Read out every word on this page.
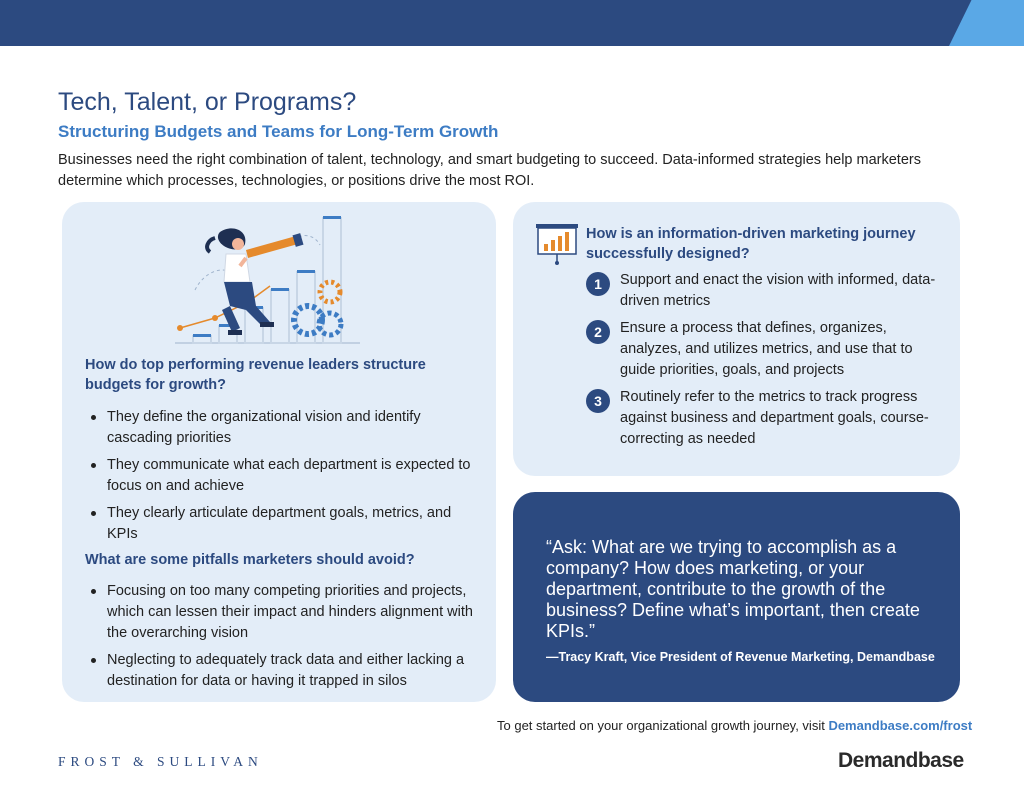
Tech, Talent, or Programs?
Structuring Budgets and Teams for Long-Term Growth

Businesses need the right combination of talent, technology, and smart budgeting to succeed. Data-informed strategies help marketers determine which processes, technologies, or positions drive the most ROI.

How do top performing revenue leaders structure budgets for growth?
They define the organizational vision and identify cascading priorities
They communicate what each department is expected to focus on and achieve
They clearly articulate department goals, metrics, and KPIs
What are some pitfalls marketers should avoid?
Focusing on too many competing priorities and projects, which can lessen their impact and hinders alignment with the overarching vision
Neglecting to adequately track data and either lacking a destination for data or having it trapped in silos
How is an information-driven marketing journey successfully designed?
1	Support and enact the vision with informed, data-driven metrics
2	Ensure a process that defines, organizes, analyzes, and utilizes metrics, and use that to guide priorities, goals, and projects
3	Routinely refer to the metrics to track progress against business and department goals, course-correcting as needed

“Ask: What are we trying to accomplish as a company? How does marketing, or your department, contribute to the growth of the business? Define what’s important, then create KPIs.”

—Tracy Kraft, Vice President of Revenue Marketing, Demandbase

To get started on your organizational growth journey, visit Demandbase.com/frost

FROST & SULLIVAN	Demandbase
